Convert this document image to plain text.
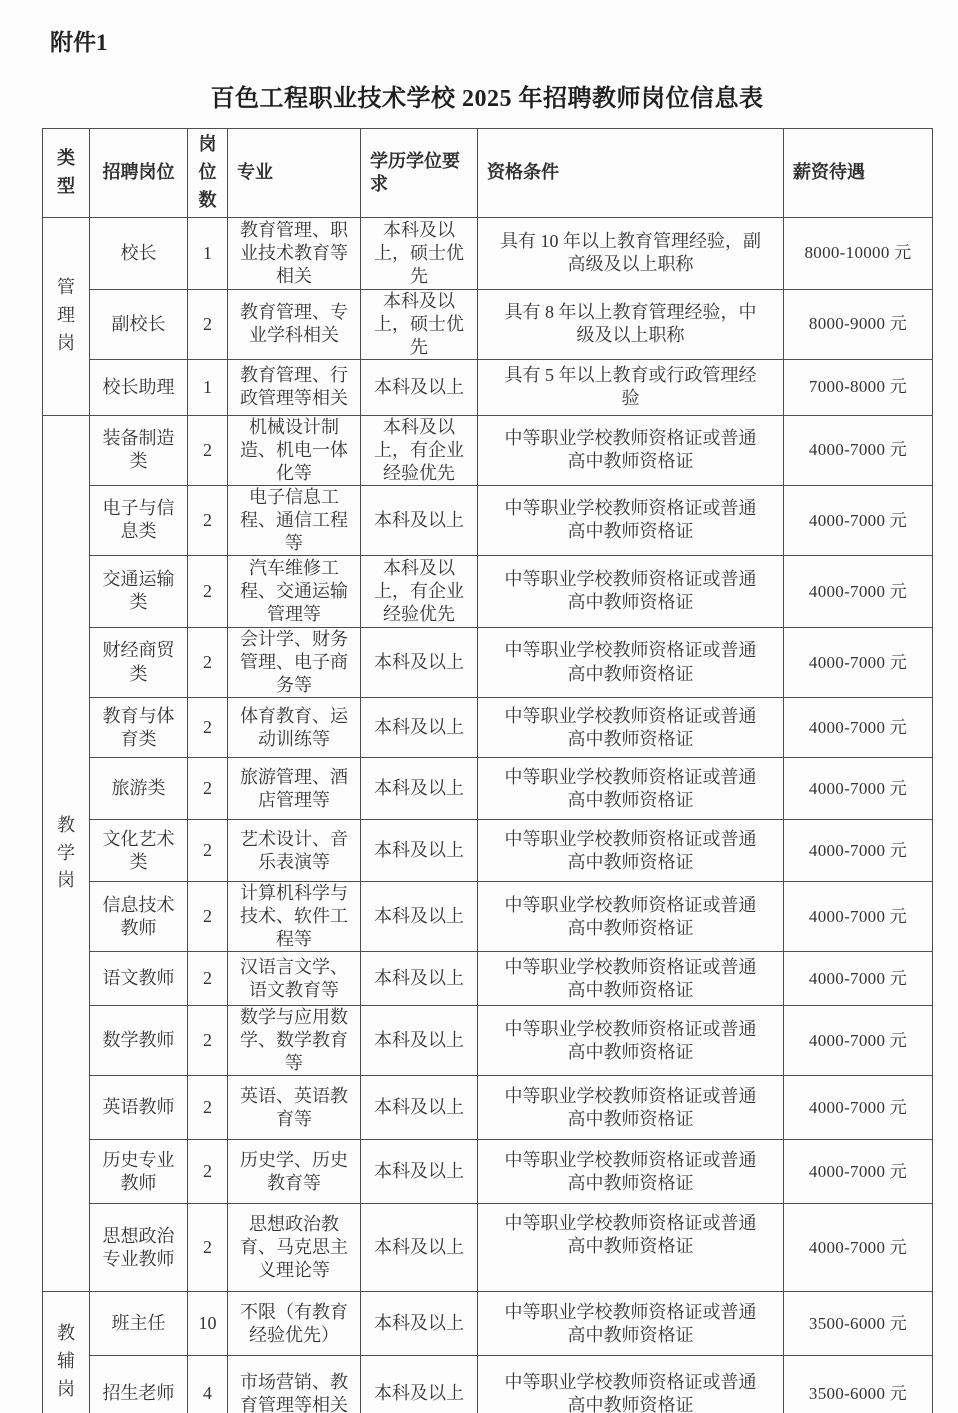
附件1
百色工程职业技术学校 2025 年招聘教师岗位信息表
类型	招聘岗位	岗位数	专业	学历学位要求	资格条件	薪资待遇

管理岗	校长	1	教育管理、职业技术教育等相关	本科及以上，硕士优先	具有 10 年以上教育管理经验，副高级及以上职称	8000-10000 元
	副校长	2	教育管理、专业学科相关	本科及以上，硕士优先	具有 8 年以上教育管理经验，中级及以上职称	8000-9000 元
	校长助理	1	教育管理、行政管理等相关	本科及以上	具有 5 年以上教育或行政管理经验	7000-8000 元

教学岗	装备制造类	2	机械设计制造、机电一体化等	本科及以上，有企业经验优先	中等职业学校教师资格证或普通高中教师资格证	4000-7000 元
	电子与信息类	2	电子信息工程、通信工程等	本科及以上	中等职业学校教师资格证或普通高中教师资格证	4000-7000 元
	交通运输类	2	汽车维修工程、交通运输管理等	本科及以上，有企业经验优先	中等职业学校教师资格证或普通高中教师资格证	4000-7000 元
	财经商贸类	2	会计学、财务管理、电子商务等	本科及以上	中等职业学校教师资格证或普通高中教师资格证	4000-7000 元
	教育与体育类	2	体育教育、运动训练等	本科及以上	中等职业学校教师资格证或普通高中教师资格证	4000-7000 元
	旅游类	2	旅游管理、酒店管理等	本科及以上	中等职业学校教师资格证或普通高中教师资格证	4000-7000 元
	文化艺术类	2	艺术设计、音乐表演等	本科及以上	中等职业学校教师资格证或普通高中教师资格证	4000-7000 元
	信息技术教师	2	计算机科学与技术、软件工程等	本科及以上	中等职业学校教师资格证或普通高中教师资格证	4000-7000 元
	语文教师	2	汉语言文学、语文教育等	本科及以上	中等职业学校教师资格证或普通高中教师资格证	4000-7000 元
	数学教师	2	数学与应用数学、数学教育等	本科及以上	中等职业学校教师资格证或普通高中教师资格证	4000-7000 元
	英语教师	2	英语、英语教育等	本科及以上	中等职业学校教师资格证或普通高中教师资格证	4000-7000 元
	历史专业教师	2	历史学、历史教育等	本科及以上	中等职业学校教师资格证或普通高中教师资格证	4000-7000 元
	思想政治专业教师	2	思想政治教育、马克思主义理论等	本科及以上	中等职业学校教师资格证或普通高中教师资格证	4000-7000 元

教辅岗	班主任	10	不限（有教育经验优先）	本科及以上	中等职业学校教师资格证或普通高中教师资格证	3500-6000 元
	招生老师	4	市场营销、教育管理等相关	本科及以上	中等职业学校教师资格证或普通高中教师资格证	3500-6000 元
